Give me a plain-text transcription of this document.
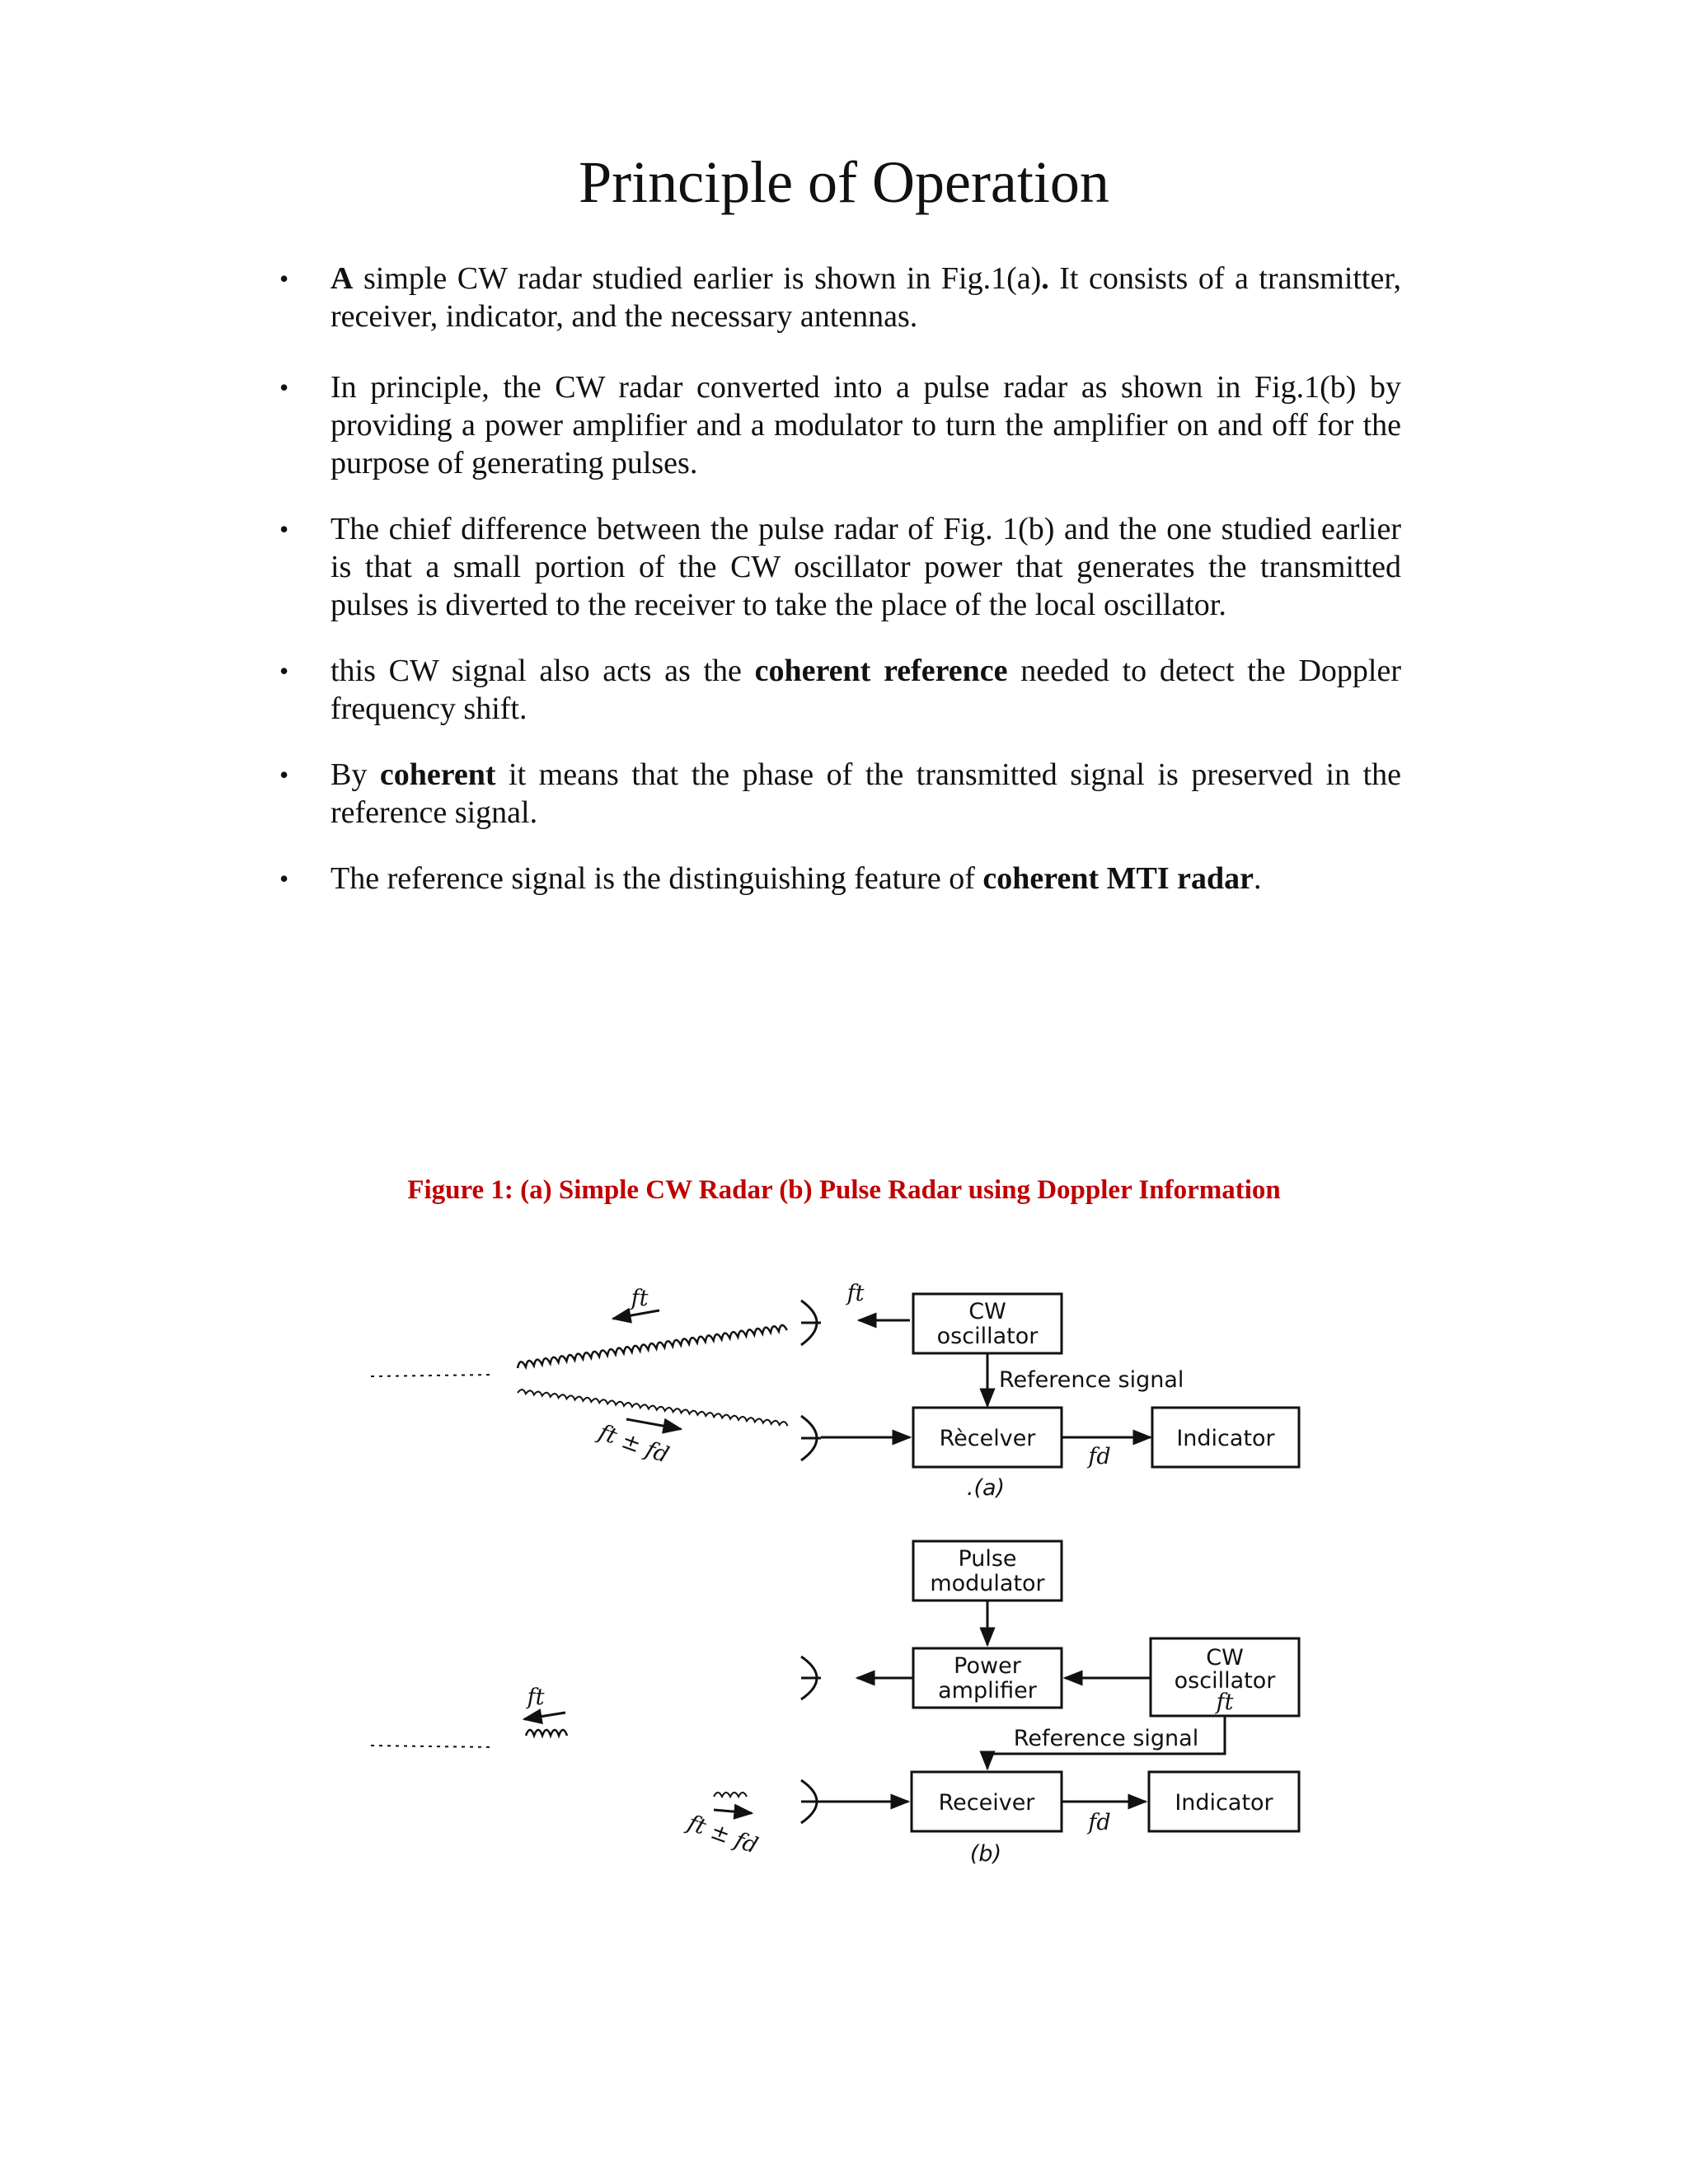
Principle of Operation
• A simple CW radar studied earlier is shown in Fig.1(a). It consists of a transmitter, receiver, indicator, and the necessary antennas.
• In principle, the CW radar converted into a pulse radar as shown in Fig.1(b) by providing a power amplifier and a modulator to turn the amplifier on and off for the purpose of generating pulses.
• The chief difference between the pulse radar of Fig. 1(b) and the one studied earlier is that a small portion of the CW oscillator power that generates the transmitted pulses is diverted to the receiver to take the place of the local oscillator.
• this CW signal also acts as the coherent reference needed to detect the Doppler frequency shift.
• By coherent it means that the phase of the transmitted signal is preserved in the reference signal.
• The reference signal is the distinguishing feature of coherent MTI radar.
Figure 1: (a) Simple CW Radar (b) Pulse Radar using Doppler Information
CW
oscillator
Reference signal
Rècelver	Indicator
fd
ft	ft
ft ± fd
.(a)
Pulse
modulator
Power
amplifier
CW
oscillator
ft
Reference signal
Receiver	Indicator
fd
ft
ft ± fd	(b)
